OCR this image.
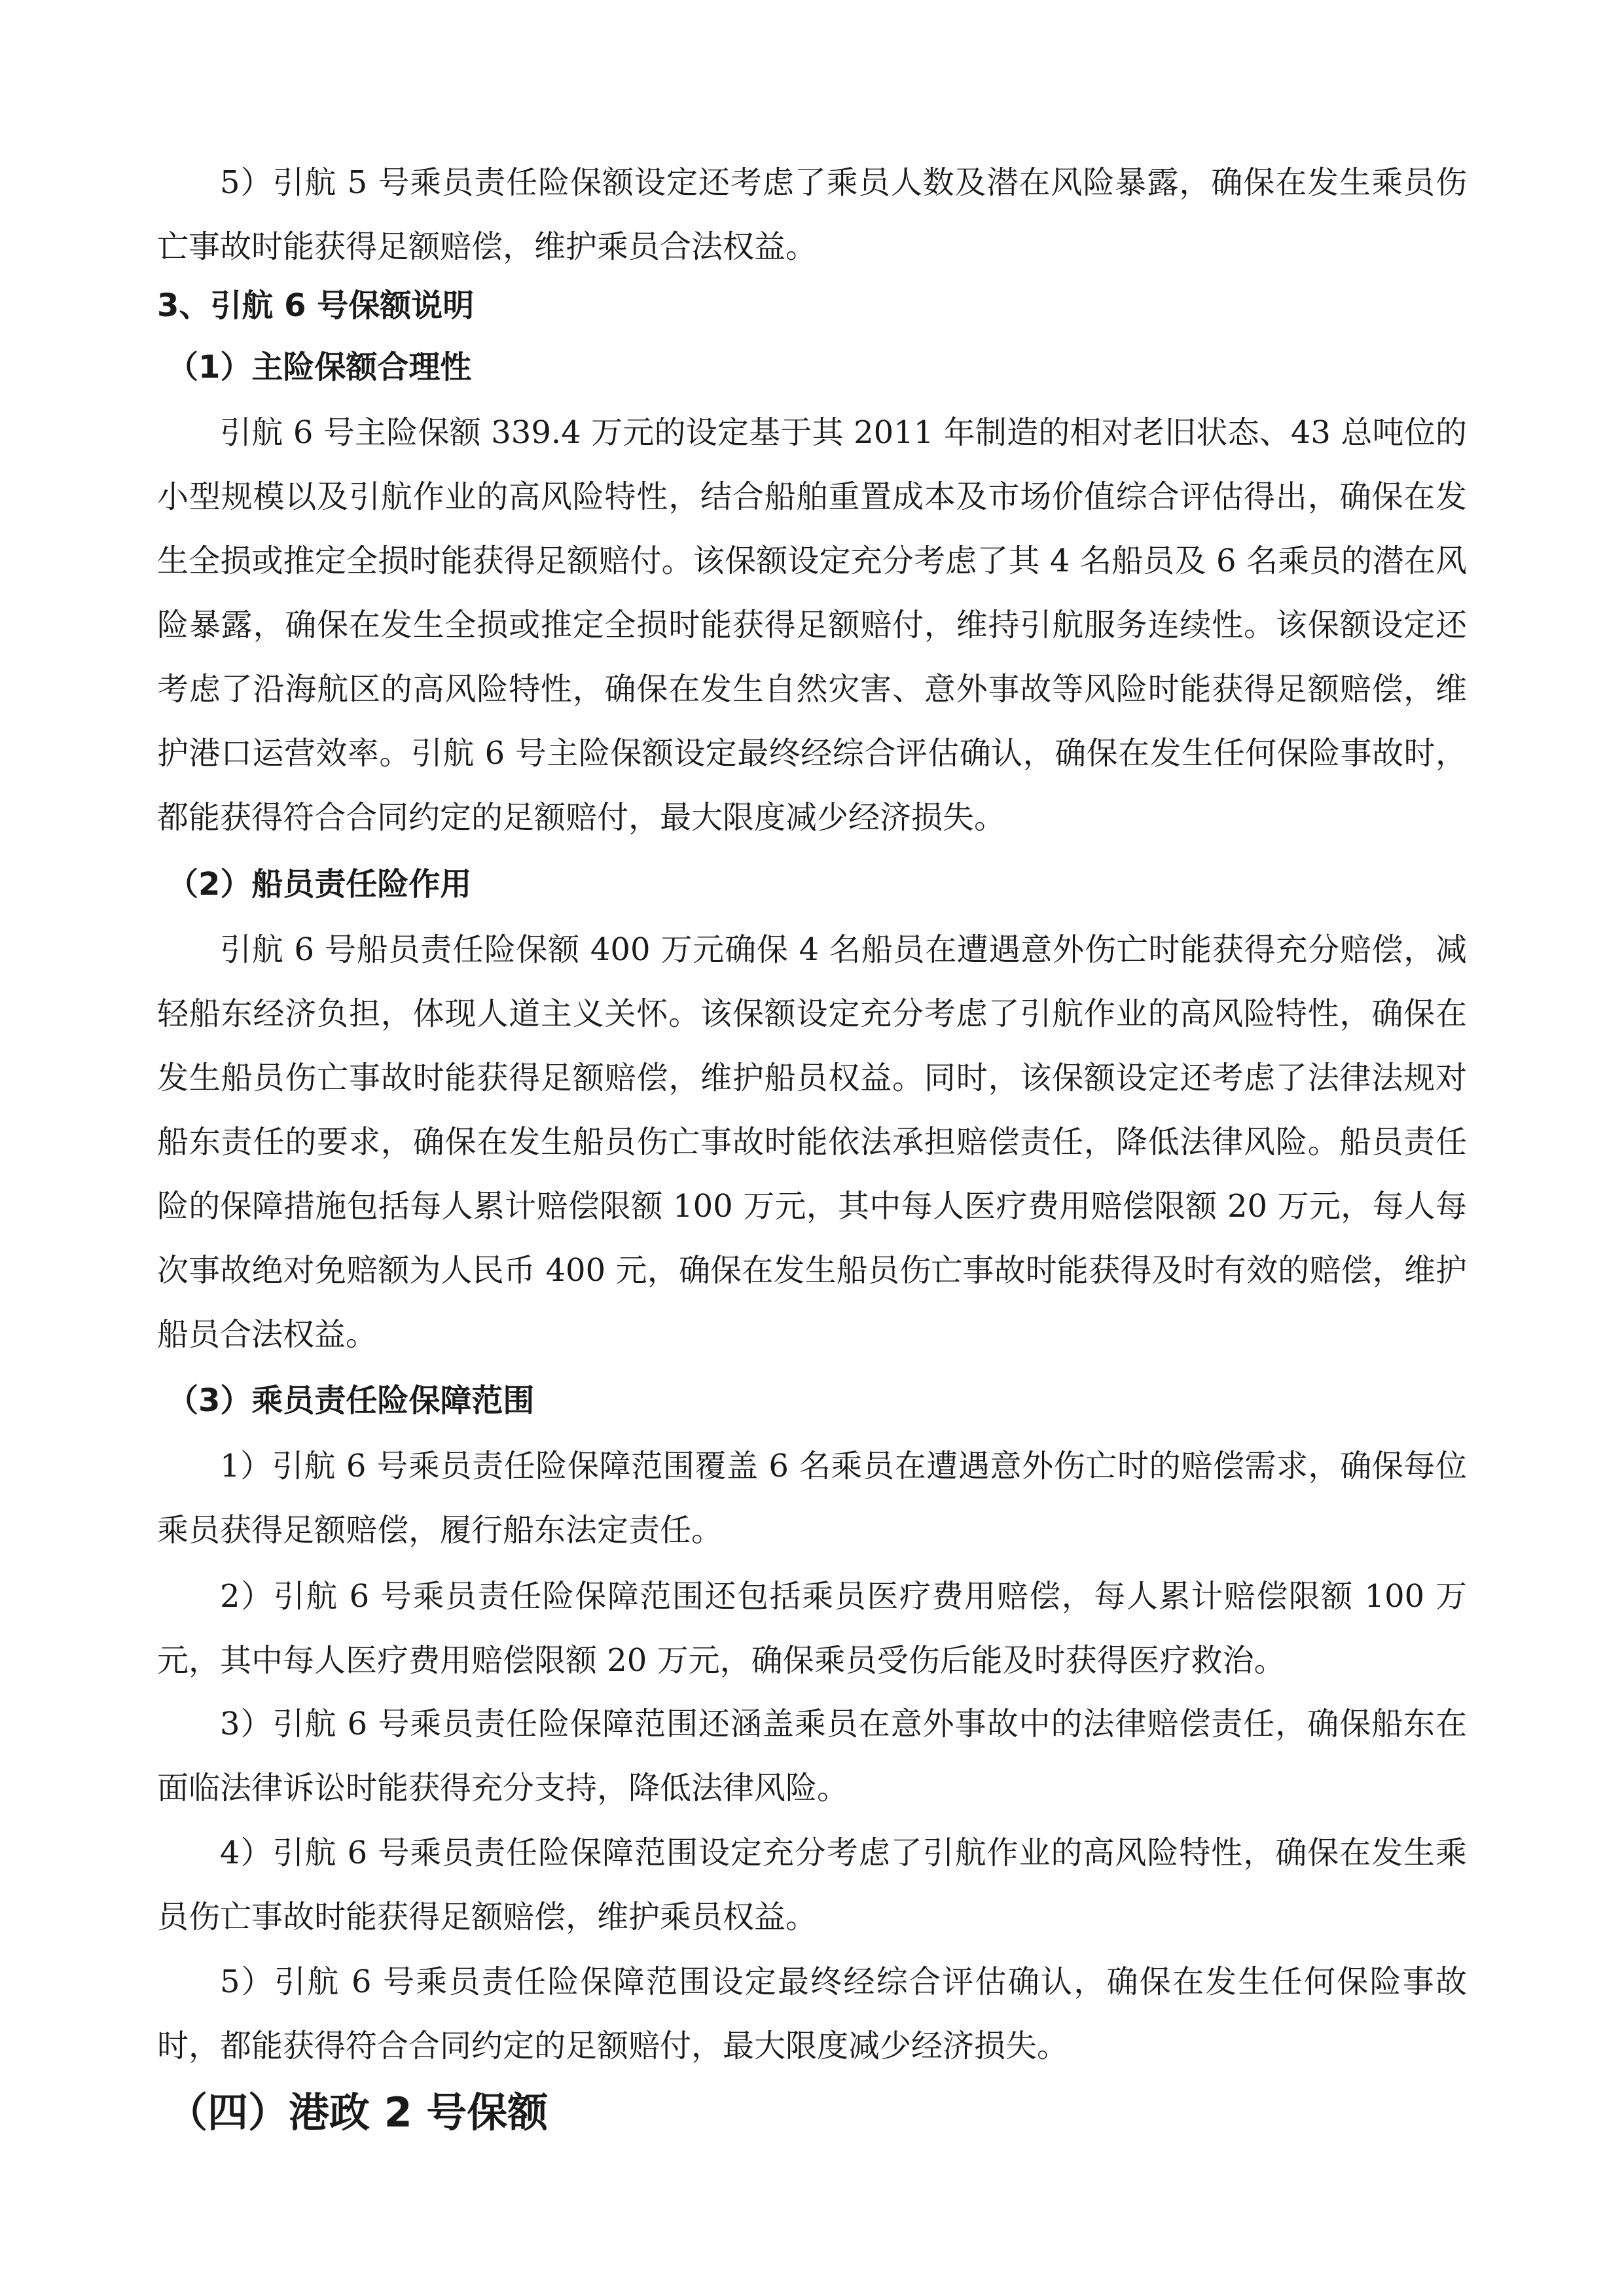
5）引航 5 号乘员责任险保额设定还考虑了乘员人数及潜在风险暴露，确保在发生乘员伤亡事故时能获得足额赔偿，维护乘员合法权益。

3、引航 6 号保额说明
（1）主险保额合理性

引航 6 号主险保额 339.4 万元的设定基于其 2011 年制造的相对老旧状态、43 总吨位的小型规模以及引航作业的高风险特性，结合船舶重置成本及市场价值综合评估得出，确保在发生全损或推定全损时能获得足额赔付。该保额设定充分考虑了其 4 名船员及 6 名乘员的潜在风险暴露，确保在发生全损或推定全损时能获得足额赔付，维持引航服务连续性。该保额设定还考虑了沿海航区的高风险特性，确保在发生自然灾害、意外事故等风险时能获得足额赔偿，维护港口运营效率。引航 6 号主险保额设定最终经综合评估确认，确保在发生任何保险事故时，都能获得符合合同约定的足额赔付，最大限度减少经济损失。

（2）船员责任险作用

引航 6 号船员责任险保额 400 万元确保 4 名船员在遭遇意外伤亡时能获得充分赔偿，减轻船东经济负担，体现人道主义关怀。该保额设定充分考虑了引航作业的高风险特性，确保在发生船员伤亡事故时能获得足额赔偿，维护船员权益。同时，该保额设定还考虑了法律法规对船东责任的要求，确保在发生船员伤亡事故时能依法承担赔偿责任，降低法律风险。船员责任险的保障措施包括每人累计赔偿限额 100 万元，其中每人医疗费用赔偿限额 20 万元，每人每次事故绝对免赔额为人民币 400 元，确保在发生船员伤亡事故时能获得及时有效的赔偿，维护船员合法权益。

（3）乘员责任险保障范围

1）引航 6 号乘员责任险保障范围覆盖 6 名乘员在遭遇意外伤亡时的赔偿需求，确保每位乘员获得足额赔偿，履行船东法定责任。

2）引航 6 号乘员责任险保障范围还包括乘员医疗费用赔偿，每人累计赔偿限额 100 万元，其中每人医疗费用赔偿限额 20 万元，确保乘员受伤后能及时获得医疗救治。

3）引航 6 号乘员责任险保障范围还涵盖乘员在意外事故中的法律赔偿责任，确保船东在面临法律诉讼时能获得充分支持，降低法律风险。

4）引航 6 号乘员责任险保障范围设定充分考虑了引航作业的高风险特性，确保在发生乘员伤亡事故时能获得足额赔偿，维护乘员权益。

5）引航 6 号乘员责任险保障范围设定最终经综合评估确认，确保在发生任何保险事故时，都能获得符合合同约定的足额赔付，最大限度减少经济损失。

（四）港政 2 号保额
